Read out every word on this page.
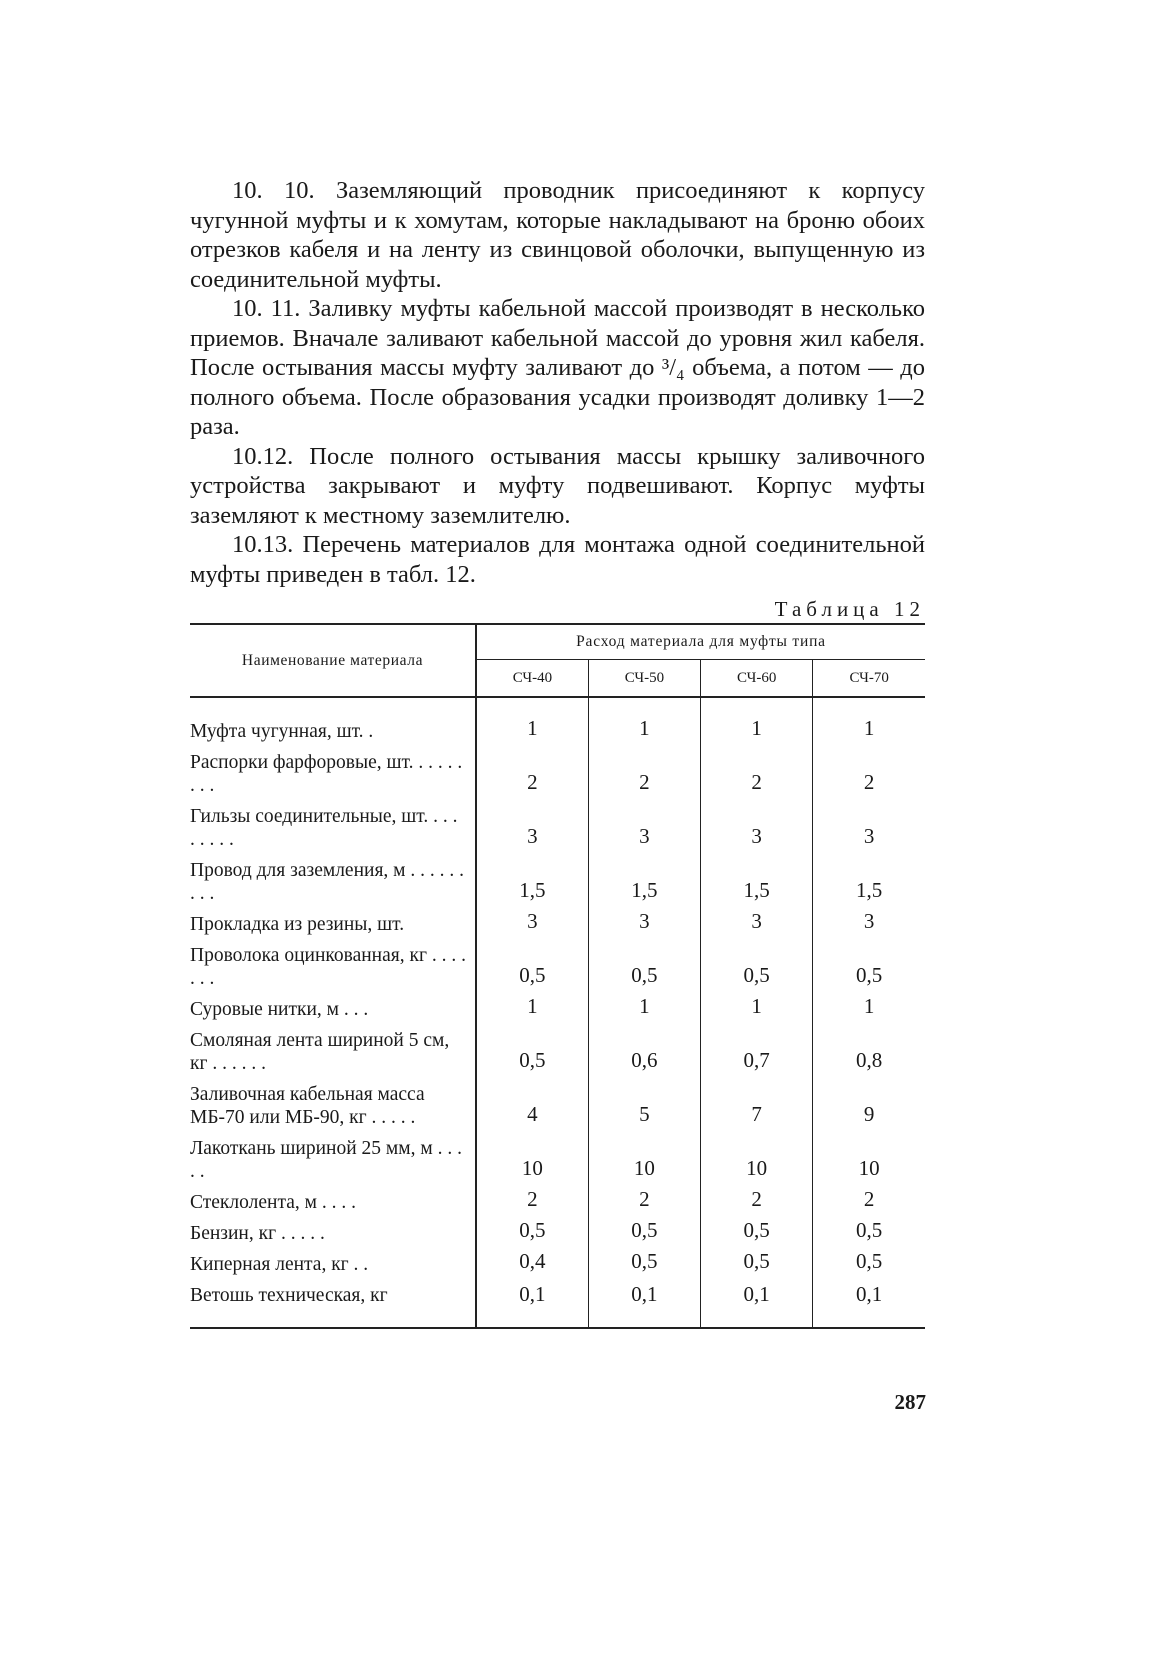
10. 10. Заземляющий проводник присоединяют к корпусу чугунной муфты и к хомутам, которые накладывают на броню обоих отрезков кабеля и на ленту из свинцовой оболочки, выпущенную из соединительной муфты.

10. 11. Заливку муфты кабельной массой производят в несколько приемов. Вначале заливают кабельной массой до уровня жил кабеля. После остывания массы муфту заливают до ³/₄ объема, а потом — до полного объема. После образования усадки производят доливку 1—2 раза.

10.12. После полного остывания массы крышку заливочного устройства закрывают и муфту подвешивают. Корпус муфты заземляют к местному заземлителю.

10.13. Перечень материалов для монтажа одной соединительной муфты приведен в табл. 12.

Таблица 12
Наименование материала	Расход материала для муфты типа			
	СЧ-40	СЧ-50	СЧ-60	СЧ-70
Муфта чугунная, шт. .	1	1	1	1
Распорки фарфоровые, шт. . . . . . . . .	2	2	2	2
Гильзы соединительные, шт. . . . . . . . .	3	3	3	3
Провод для заземления, м . . . . . . . . .	1,5	1,5	1,5	1,5
Прокладка из резины, шт.	3	3	3	3
Проволока оцинкованная, кг . . . . . . .	0,5	0,5	0,5	0,5
Суровые нитки, м . . .	1	1	1	1
Смоляная лента шириной 5 см, кг . . . . . .	0,5	0,6	0,7	0,8
Заливочная кабельная масса МБ-70 или МБ-90, кг . . . . .	4	5	7	9
Лакоткань шириной 25 мм, м . . . . .	10	10	10	10
Стеклолента, м . . . .	2	2	2	2
Бензин, кг . . . . .	0,5	0,5	0,5	0,5
Киперная лента, кг . .	0,4	0,5	0,5	0,5
Ветошь техническая, кг	0,1	0,1	0,1	0,1
287
